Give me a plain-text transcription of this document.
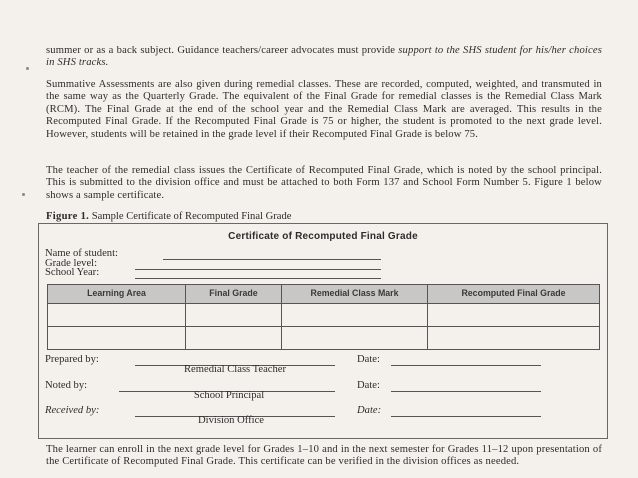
summer or as a back subject. Guidance teachers/career advocates must provide support to the SHS student for his/her choices in SHS tracks.
Summative Assessments are also given during remedial classes. These are recorded, computed, weighted, and transmuted in the same way as the Quarterly Grade. The equivalent of the Final Grade for remedial classes is the Remedial Class Mark (RCM). The Final Grade at the end of the school year and the Remedial Class Mark are averaged. This results in the Recomputed Final Grade. If the Recomputed Final Grade is 75 or higher, the student is promoted to the next grade level. However, students will be retained in the grade level if their Recomputed Final Grade is below 75.
The teacher of the remedial class issues the Certificate of Recomputed Final Grade, which is noted by the school principal. This is submitted to the division office and must be attached to both Form 137 and School Form Number 5. Figure 1 below shows a sample certificate.
Figure 1. Sample Certificate of Recomputed Final Grade
Certificate of Recomputed Final Grade
Name of student:
Grade level:
School Year:
Learning Area	Final Grade	Remedial Class Mark	Recomputed Final Grade

Prepared by:
Remedial Class Teacher
Date:
Noted by:
School Principal
Date:
Received by:
Division Office
Date:
The learner can enroll in the next grade level for Grades 1–10 and in the next semester for Grades 11–12 upon presentation of the Certificate of Recomputed Final Grade. This certificate can be verified in the division offices as needed.
